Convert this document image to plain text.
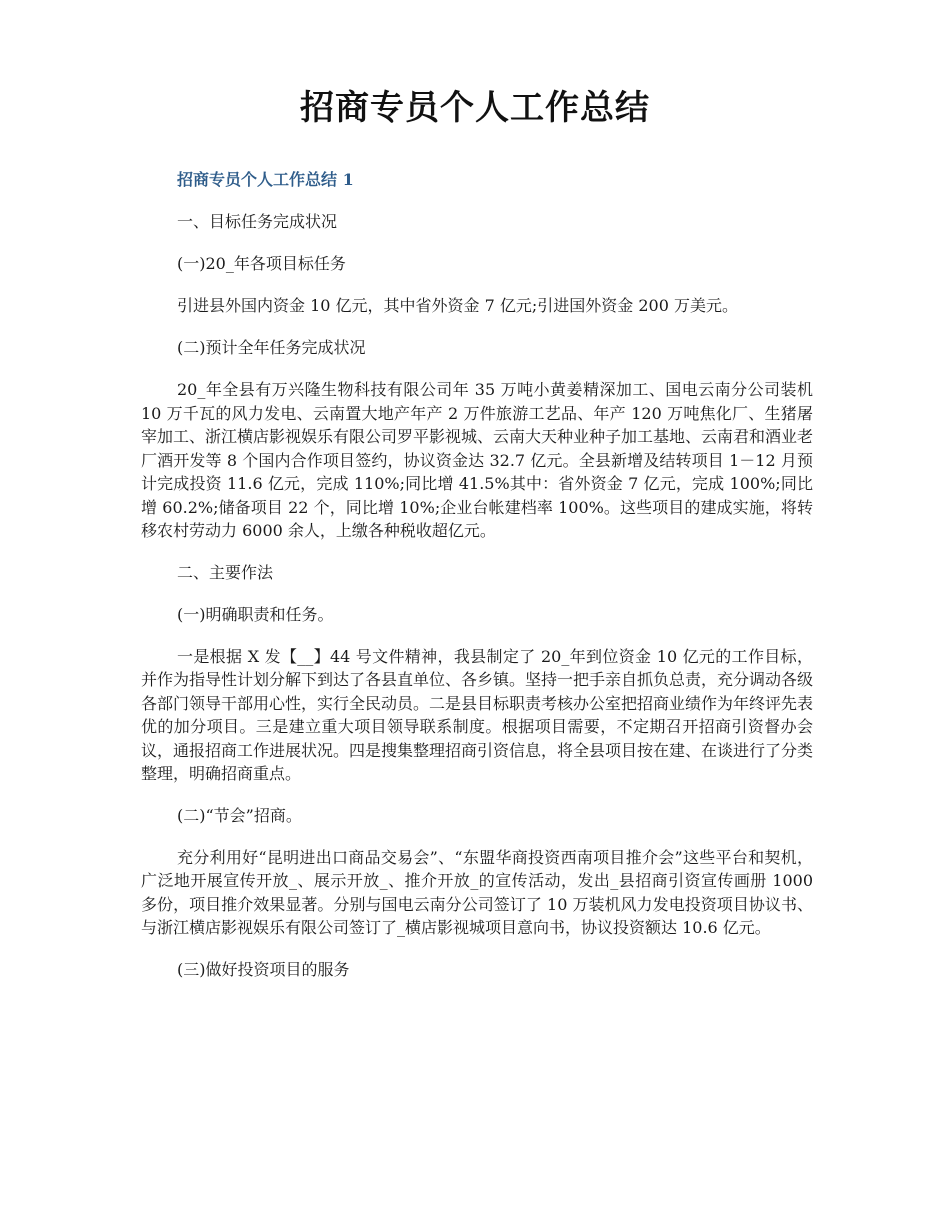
招商专员个人工作总结
招商专员个人工作总结 1

一、目标任务完成状况

(一)20_年各项目标任务

引进县外国内资金 10 亿元，其中省外资金 7 亿元;引进国外资金 200 万美元。

(二)预计全年任务完成状况

20_年全县有万兴隆生物科技有限公司年 35 万吨小黄姜精深加工、国电云南分公司装机 10 万千瓦的风力发电、云南置大地产年产 2 万件旅游工艺品、年产 120 万吨焦化厂、生猪屠宰加工、浙江横店影视娱乐有限公司罗平影视城、云南大天种业种子加工基地、云南君和酒业老厂酒开发等 8 个国内合作项目签约，协议资金达 32.7 亿元。全县新增及结转项目 1－12 月预计完成投资 11.6 亿元，完成 110%;同比增 41.5%其中：省外资金 7 亿元，完成 100%;同比增 60.2%;储备项目 22 个，同比增 10%;企业台帐建档率 100%。这些项目的建成实施，将转移农村劳动力 6000 余人，上缴各种税收超亿元。

二、主要作法

(一)明确职责和任务。

一是根据 X 发【__】44 号文件精神，我县制定了 20_年到位资金 10 亿元的工作目标，并作为指导性计划分解下到达了各县直单位、各乡镇。坚持一把手亲自抓负总责，充分调动各级各部门领导干部用心性，实行全民动员。二是县目标职责考核办公室把招商业绩作为年终评先表优的加分项目。三是建立重大项目领导联系制度。根据项目需要，不定期召开招商引资督办会议，通报招商工作进展状况。四是搜集整理招商引资信息，将全县项目按在建、在谈进行了分类整理，明确招商重点。

(二)“节会”招商。

充分利用好“昆明进出口商品交易会”、“东盟华商投资西南项目推介会”这些平台和契机，广泛地开展宣传开放_、展示开放_、推介开放_的宣传活动，发出_县招商引资宣传画册 1000 多份，项目推介效果显著。分别与国电云南分公司签订了 10 万装机风力发电投资项目协议书、与浙江横店影视娱乐有限公司签订了_横店影视城项目意向书，协议投资额达 10.6 亿元。

(三)做好投资项目的服务
